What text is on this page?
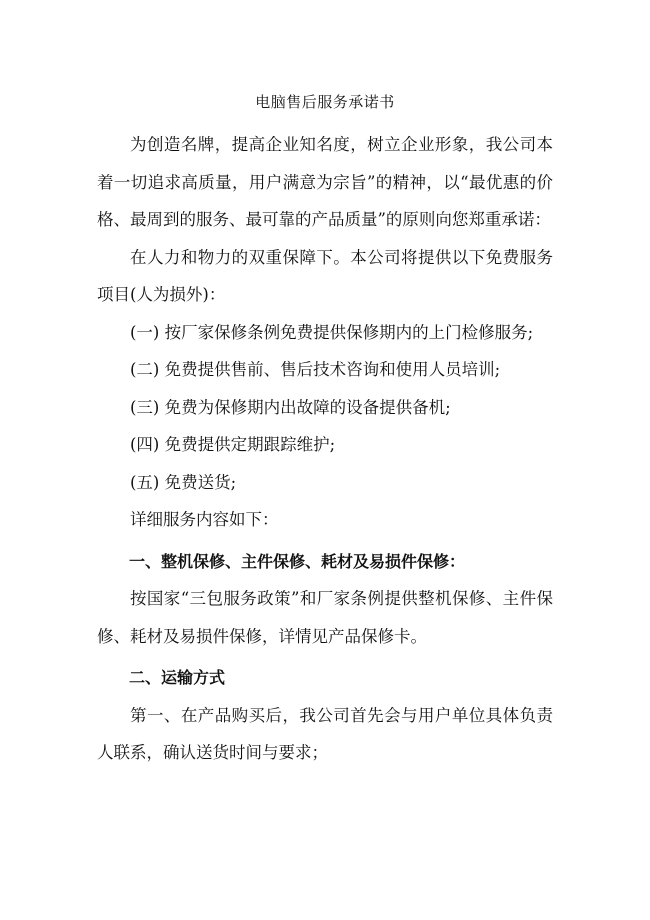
电脑售后服务承诺书

为创造名牌，提高企业知名度，树立企业形象，我公司本着一切追求高质量，用户满意为宗旨”的精神，以“最优惠的价格、最周到的服务、最可靠的产品质量”的原则向您郑重承诺：

在人力和物力的双重保障下。本公司将提供以下免费服务项目(人为损外)：

(一) 按厂家保修条例免费提供保修期内的上门检修服务;

(二) 免费提供售前、售后技术咨询和使用人员培训;

(三) 免费为保修期内出故障的设备提供备机;

(四) 免费提供定期跟踪维护;

(五) 免费送货;

详细服务内容如下：

一、整机保修、主件保修、耗材及易损件保修：

按国家“三包服务政策”和厂家条例提供整机保修、主件保修、耗材及易损件保修，详情见产品保修卡。

二、运输方式

第一、在产品购买后，我公司首先会与用户单位具体负责人联系，确认送货时间与要求；
